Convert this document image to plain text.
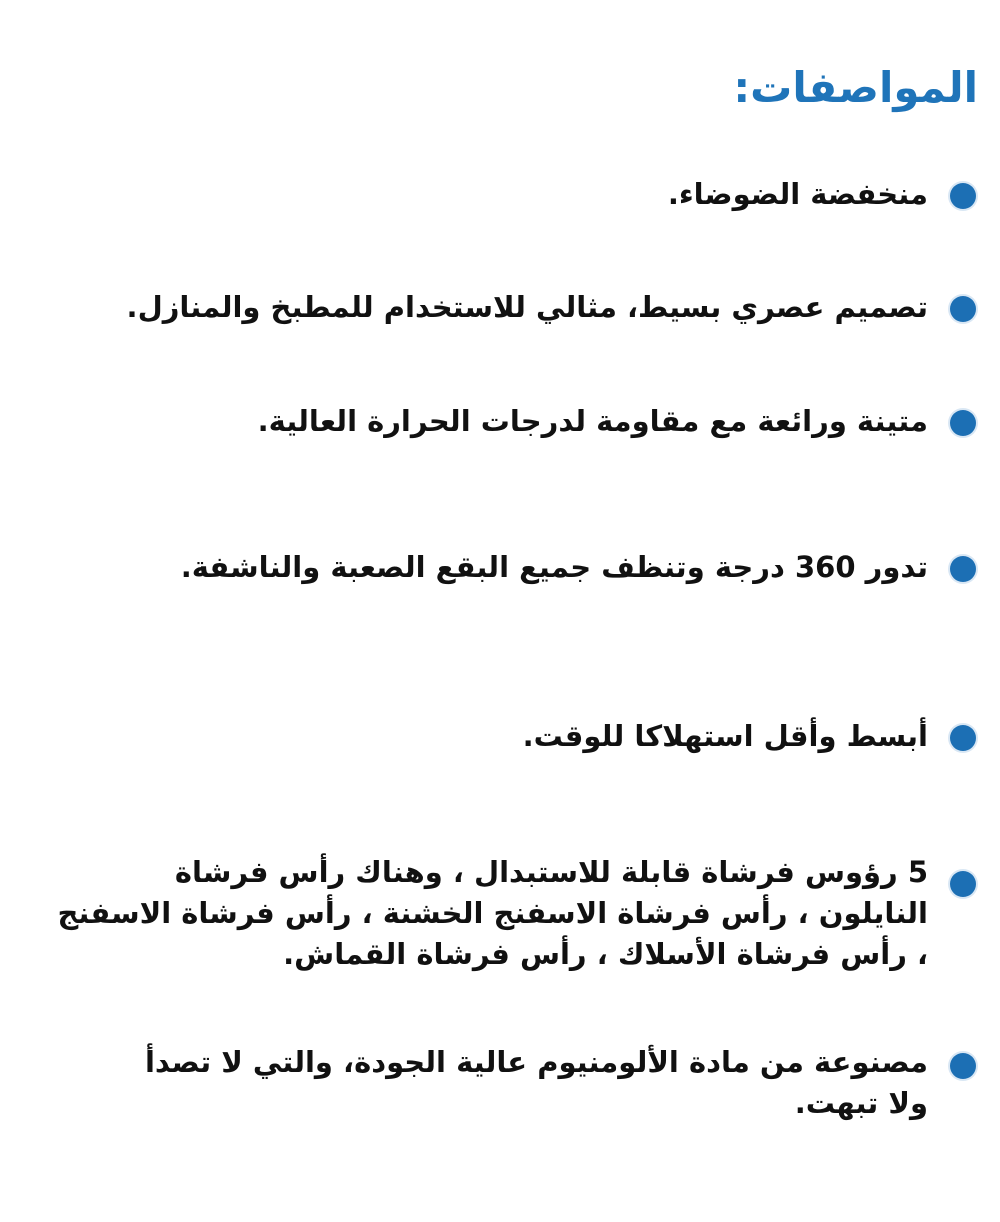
المواصفات:
منخفضة الضوضاء.
تصميم عصري بسيط، مثالي للاستخدام للمطبخ والمنازل.
متينة ورائعة مع مقاومة لدرجات الحرارة العالية.
تدور 360 درجة وتنظف جميع البقع الصعبة والناشفة.
أبسط وأقل استهلاكا للوقت.
5 رؤوس فرشاة قابلة للاستبدال ، وهناك رأس فرشاة
النايلون ، رأس فرشاة الاسفنج الخشنة ، رأس فرشاة الاسفنج
، رأس فرشاة الأسلاك ، رأس فرشاة القماش.
مصنوعة من مادة الألومنيوم عالية الجودة، والتي لا تصدأ
ولا تبهت.
